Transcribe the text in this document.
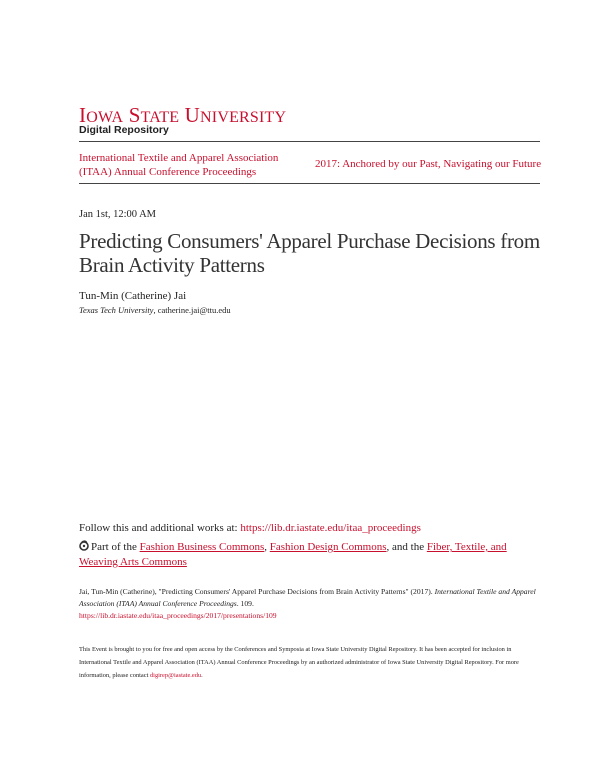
IOWA STATE UNIVERSITY
Digital Repository
International Textile and Apparel Association (ITAA) Annual Conference Proceedings
2017: Anchored by our Past, Navigating our Future
Jan 1st, 12:00 AM
Predicting Consumers' Apparel Purchase Decisions from Brain Activity Patterns
Tun-Min (Catherine) Jai
Texas Tech University, catherine.jai@ttu.edu
Follow this and additional works at: https://lib.dr.iastate.edu/itaa_proceedings
Part of the Fashion Business Commons, Fashion Design Commons, and the Fiber, Textile, and Weaving Arts Commons
Jai, Tun-Min (Catherine), "Predicting Consumers' Apparel Purchase Decisions from Brain Activity Patterns" (2017). International Textile and Apparel Association (ITAA) Annual Conference Proceedings. 109.
https://lib.dr.iastate.edu/itaa_proceedings/2017/presentations/109
This Event is brought to you for free and open access by the Conferences and Symposia at Iowa State University Digital Repository. It has been accepted for inclusion in International Textile and Apparel Association (ITAA) Annual Conference Proceedings by an authorized administrator of Iowa State University Digital Repository. For more information, please contact digirep@iastate.edu.
